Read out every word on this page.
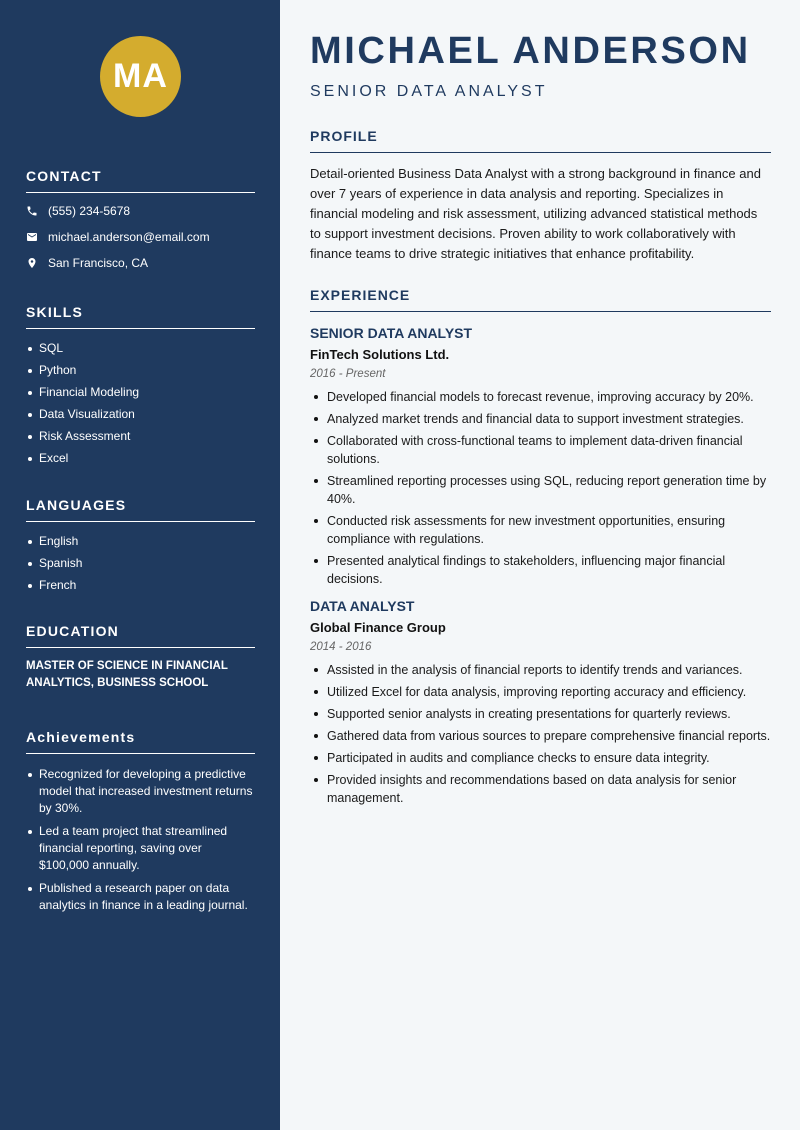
MA
CONTACT
(555) 234-5678
michael.anderson@email.com
San Francisco, CA
SKILLS
SQL
Python
Financial Modeling
Data Visualization
Risk Assessment
Excel
LANGUAGES
English
Spanish
French
EDUCATION
MASTER OF SCIENCE IN FINANCIAL ANALYTICS, BUSINESS SCHOOL
Achievements
Recognized for developing a predictive model that increased investment returns by 30%.
Led a team project that streamlined financial reporting, saving over $100,000 annually.
Published a research paper on data analytics in finance in a leading journal.
MICHAEL ANDERSON
SENIOR DATA ANALYST
PROFILE

Detail-oriented Business Data Analyst with a strong background in finance and over 7 years of experience in data analysis and reporting. Specializes in financial modeling and risk assessment, utilizing advanced statistical methods to support investment decisions. Proven ability to work collaboratively with finance teams to drive strategic initiatives that enhance profitability.

EXPERIENCE
SENIOR DATA ANALYST
FinTech Solutions Ltd.
2016 - Present
Developed financial models to forecast revenue, improving accuracy by 20%.
Analyzed market trends and financial data to support investment strategies.
Collaborated with cross-functional teams to implement data-driven financial solutions.
Streamlined reporting processes using SQL, reducing report generation time by 40%.
Conducted risk assessments for new investment opportunities, ensuring compliance with regulations.
Presented analytical findings to stakeholders, influencing major financial decisions.
DATA ANALYST
Global Finance Group
2014 - 2016
Assisted in the analysis of financial reports to identify trends and variances.
Utilized Excel for data analysis, improving reporting accuracy and efficiency.
Supported senior analysts in creating presentations for quarterly reviews.
Gathered data from various sources to prepare comprehensive financial reports.
Participated in audits and compliance checks to ensure data integrity.
Provided insights and recommendations based on data analysis for senior management.
